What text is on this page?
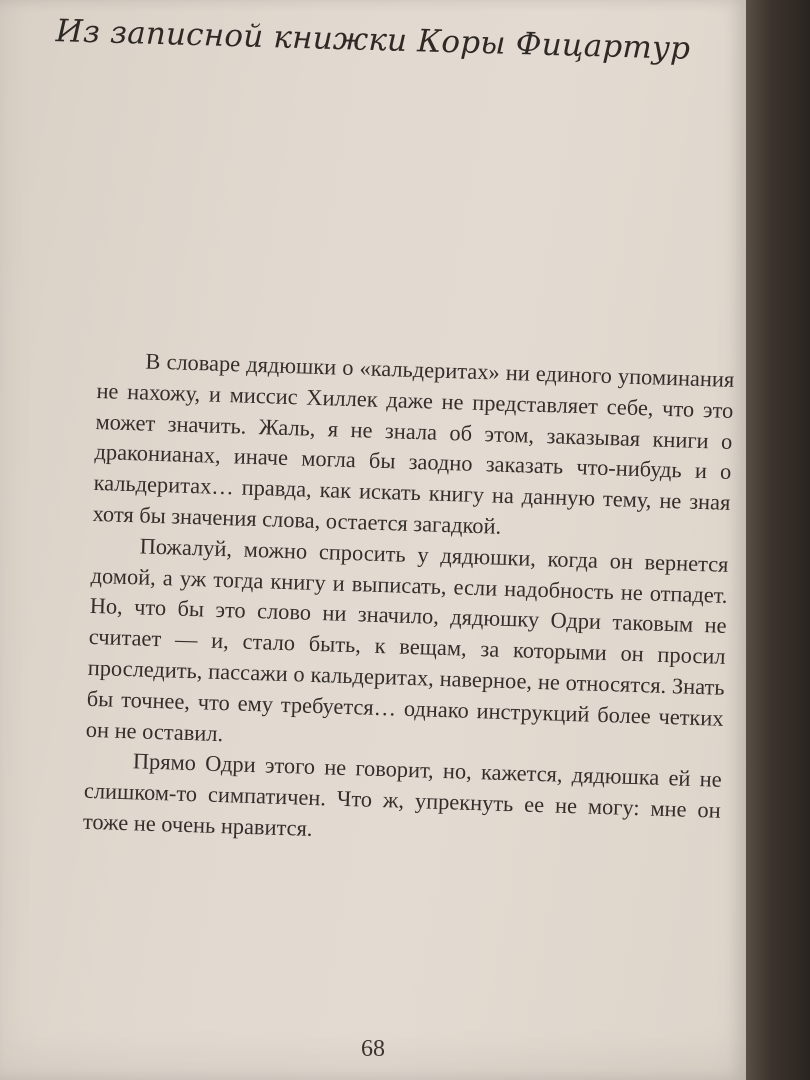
Из записной книжки Коры Фицартур

В словаре дядюшки о «кальдеритах» ни единого упоминания не нахожу, и миссис Хиллек даже не представляет себе, что это может значить. Жаль, я не знала об этом, заказывая книги о драконианах, иначе могла бы заодно заказать что-нибудь и о кальдеритах… правда, как искать книгу на данную тему, не зная хотя бы значения слова, остается загадкой.

Пожалуй, можно спросить у дядюшки, когда он вернется домой, а уж тогда книгу и выписать, если надобность не отпадет. Но, что бы это слово ни значило, дядюшку Одри таковым не считает — и, стало быть, к вещам, за которыми он просил проследить, пассажи о кальдеритах, наверное, не относятся. Знать бы точнее, что ему требуется… однако инструкций более четких он не оставил.

Прямо Одри этого не говорит, но, кажется, дядюшка ей не слишком-то симпатичен. Что ж, упрекнуть ее не могу: мне он тоже не очень нравится.

68
